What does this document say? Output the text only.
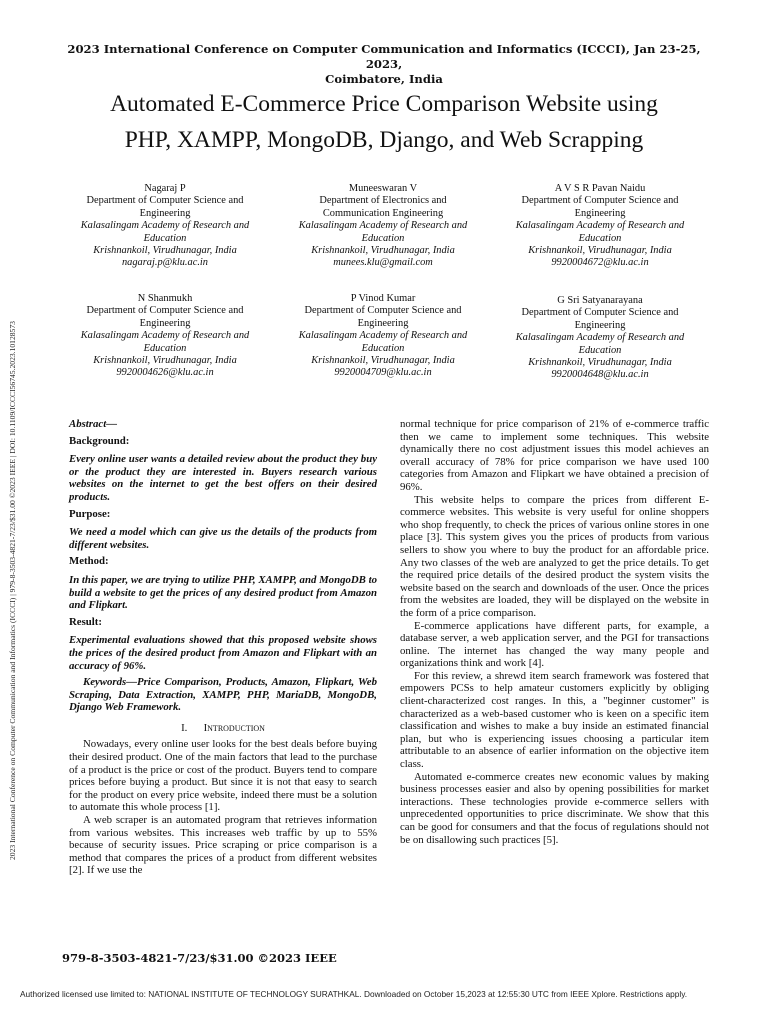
2023 International Conference on Computer Communication and Informatics (ICCCI) | 979-8-3503-4821-7/23/$31.00 ©2023 IEEE | DOI: 10.1109/ICCCI56745.2023.10128573
2023 International Conference on Computer Communication and Informatics (ICCCI), Jan 23-25, 2023,
Coimbatore, India
Automated E-Commerce Price Comparison Website using
PHP, XAMPP, MongoDB, Django, and Web Scrapping
Nagaraj P
Department of Computer Science and
Engineering
Kalasalingam Academy of Research and
Education
Krishnankoil, Virudhunagar, India
nagaraj.p@klu.ac.in
Muneeswaran V
Department of Electronics and
Communication Engineering
Kalasalingam Academy of Research and
Education
Krishnankoil, Virudhunagar, India
munees.klu@gmail.com
A V S R Pavan Naidu
Department of Computer Science and
Engineering
Kalasalingam Academy of Research and
Education
Krishnankoil, Virudhunagar, India
9920004672@klu.ac.in
N Shanmukh
Department of Computer Science and
Engineering
Kalasalingam Academy of Research and
Education
Krishnankoil, Virudhunagar, India
9920004626@klu.ac.in
P Vinod Kumar
Department of Computer Science and
Engineering
Kalasalingam Academy of Research and
Education
Krishnankoil, Virudhunagar, India
9920004709@klu.ac.in
G Sri Satyanarayana
Department of Computer Science and
Engineering
Kalasalingam Academy of Research and
Education
Krishnankoil, Virudhunagar, India
9920004648@klu.ac.in

Abstract—

Background:

Every online user wants a detailed review about the product they buy or the product they are interested in. Buyers research various websites on the internet to get the best offers on their desired products.

Purpose:

We need a model which can give us the details of the products from different websites.

Method:

In this paper, we are trying to utilize PHP, XAMPP, and MongoDB to build a website to get the prices of any desired product from Amazon and Flipkart.

Result:

Experimental evaluations showed that this proposed website shows the prices of the desired product from Amazon and Flipkart with an accuracy of 96%.

Keywords—Price Comparison, Products, Amazon, Flipkart, Web Scraping, Data Extraction, XAMPP, PHP, MariaDB, MongoDB, Django Web Framework.

I. Introduction

Nowadays, every online user looks for the best deals before buying their desired product. One of the main factors that lead to the purchase of a product is the price or cost of the product. Buyers tend to compare prices before buying a product. But since it is not that easy to search for the product on every price website, indeed there must be a solution to automate this whole process [1].

A web scraper is an automated program that retrieves information from various websites. This increases web traffic by up to 55% because of security issues. Price scraping or price comparison is a method that compares the prices of a product from different websites [2]. If we use the

normal technique for price comparison of 21% of e-commerce traffic then we came to implement some techniques. This website dynamically there no cost adjustment issues this model achieves an overall accuracy of 78% for price comparison we have used 100 categories from Amazon and Flipkart we have obtained a precision of 96%.

This website helps to compare the prices from different E-commerce websites. This website is very useful for online shoppers who shop frequently, to check the prices of various online stores in one place [3]. This system gives you the prices of products from various sellers to show you where to buy the product for an affordable price. Any two classes of the web are analyzed to get the price details. To get the required price details of the desired product the system visits the website based on the search and downloads of the user. Once the prices from the websites are loaded, they will be displayed on the website in the form of a price comparison.

E-commerce applications have different parts, for example, a database server, a web application server, and the PGI for transactions online. The internet has changed the way many people and organizations think and work [4].

For this review, a shrewd item search framework was fostered that empowers PCSs to help amateur customers explicitly by obliging client-characterized cost ranges. In this, a "beginner customer" is characterized as a web-based customer who is keen on a specific item classification and wishes to make a buy inside an estimated financial plan, but who is experiencing issues choosing a particular item attributable to an absence of earlier information on the objective item class.

Automated e-commerce creates new economic values by making business processes easier and also by opening possibilities for market interactions. These technologies provide e-commerce sellers with unprecedented opportunities to price discriminate. We show that this can be good for consumers and that the focus of regulations should not be on disallowing such practices [5].

979-8-3503-4821-7/23/$31.00 ©2023 IEEE
Authorized licensed use limited to: NATIONAL INSTITUTE OF TECHNOLOGY SURATHKAL. Downloaded on October 15,2023 at 12:55:30 UTC from IEEE Xplore. Restrictions apply.
